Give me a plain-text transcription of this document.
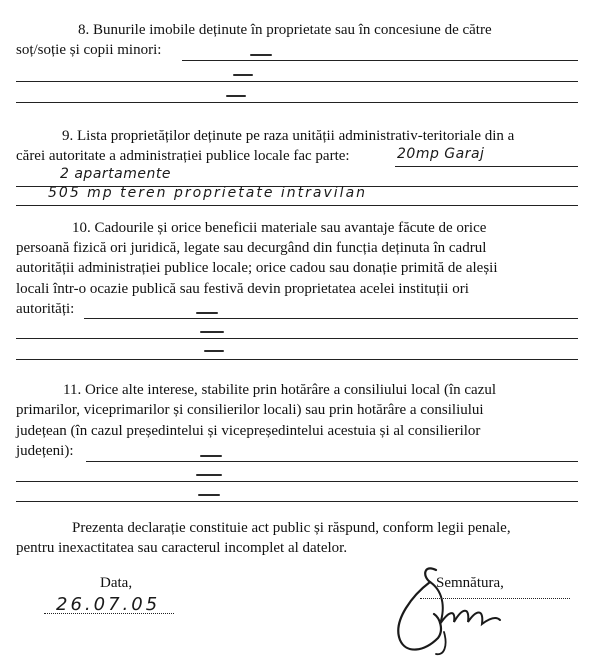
8. Bunurile imobile deținute în proprietate sau în concesiune de către
soț/soție și copii minori:
9. Lista proprietăților deținute pe raza unității administrativ-teritoriale din a
cărei autoritate a administrației publice locale fac parte:	20mp Garaj
2 apartamente
505 mp teren proprietate intravilan
10. Cadourile și orice beneficii materiale sau avantaje făcute de orice
persoană fizică ori juridică, legate sau decurgând din funcția deținuta în cadrul
autorității administrației publice locale; orice cadou sau donație primită de aleșii
locali într-o ocazie publică sau festivă devin proprietatea acelei instituții ori
autorități:
11. Orice alte interese, stabilite prin hotărâre a consiliului local (în cazul
primarilor, viceprimarilor și consilierilor locali) sau prin hotărâre a consiliului
județean (în cazul președintelui și vicepreședintelui acestuia și al consilierilor
județeni):
Prezenta declarație constituie act public și răspund, conform legii penale,
pentru inexactitatea sau caracterul incomplet al datelor.
Data,
26.07.05
Semnătura,
